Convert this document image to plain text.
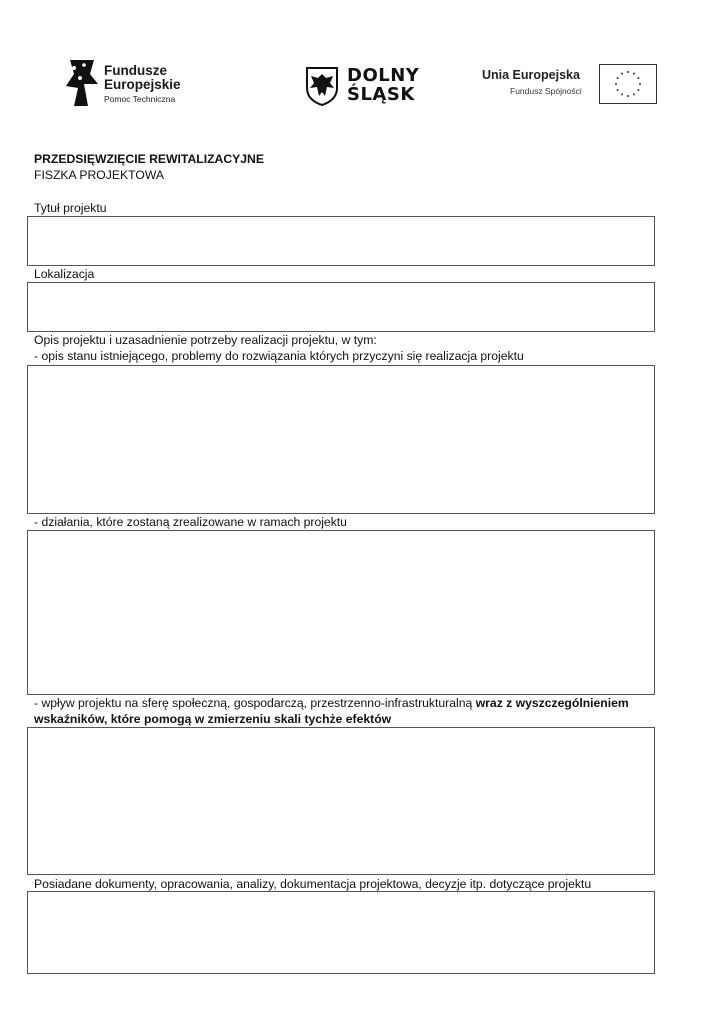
Fundusze
Europejskie
Pomoc Techniczna
DOLNY
ŚLĄSK
Unia Europejska
Fundusz Spójności
PRZEDSIĘWZIĘCIE REWITALIZACYJNE
FISZKA PROJEKTOWA
Tytuł projektu
Lokalizacja
Opis projektu i uzasadnienie potrzeby realizacji projektu, w tym:
- opis stanu istniejącego, problemy do rozwiązania których przyczyni się realizacja projektu
- działania, które zostaną zrealizowane w ramach projektu
- wpływ projektu na sferę społeczną, gospodarczą, przestrzenno-infrastrukturalną wraz z wyszczególnieniem
wskaźników, które pomogą w zmierzeniu skali tychże efektów
Posiadane dokumenty, opracowania, analizy, dokumentacja projektowa, decyzje itp. dotyczące projektu
